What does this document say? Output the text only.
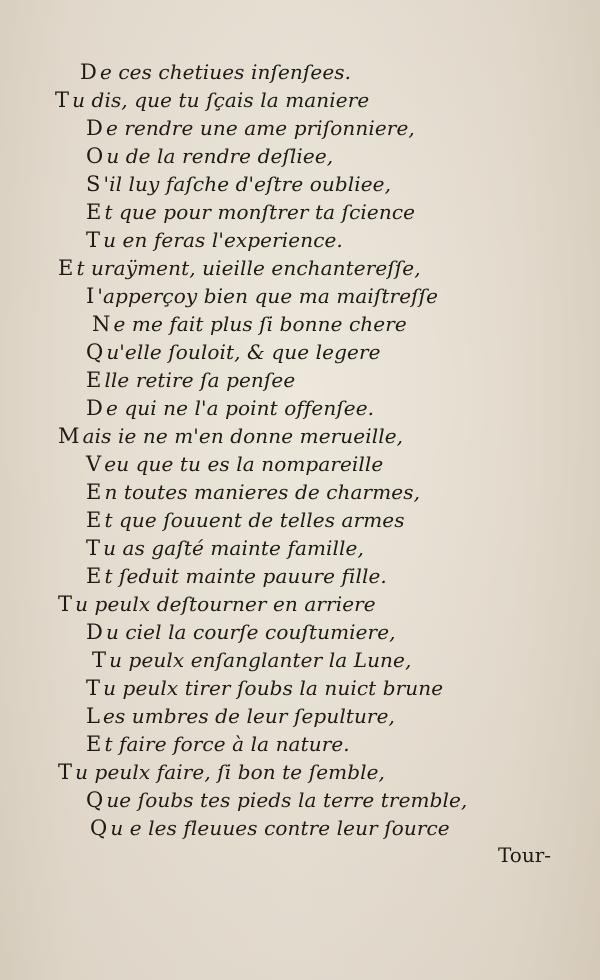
D e ces chetiues inſenſees.
T u dis, que tu ſçais la maniere
D e rendre une ame priſonniere,
O u de la rendre deſliee,
S 'il luy faſche d'eſtre oubliee,
E t que pour monſtrer ta ſcience
T u en feras l'experience.
E t uraÿment, uieille enchantereſſe,
I 'apperçoy bien que ma maiſtreſſe
N e me fait plus ſi bonne chere
Q u'elle ſouloit, & que legere
E lle retire ſa penſee
D e qui ne l'a point offenſee.
M ais ie ne m'en donne merueille,
V eu que tu es la nompareille
E n toutes manieres de charmes,
E t que ſouuent de telles armes
T u as gaſté mainte famille,
E t ſeduit mainte pauure fille.
T u peulx deſtourner en arriere
D u ciel la courſe couſtumiere,
T u peulx enſanglanter la Lune,
T u peulx tirer ſoubs la nuict brune
L es umbres de leur ſepulture,
E t faire force à la nature.
T u peulx faire, ſi bon te ſemble,
Q ue ſoubs tes pieds la terre tremble,
Q u e les fleuues contre leur ſource
Tour-
